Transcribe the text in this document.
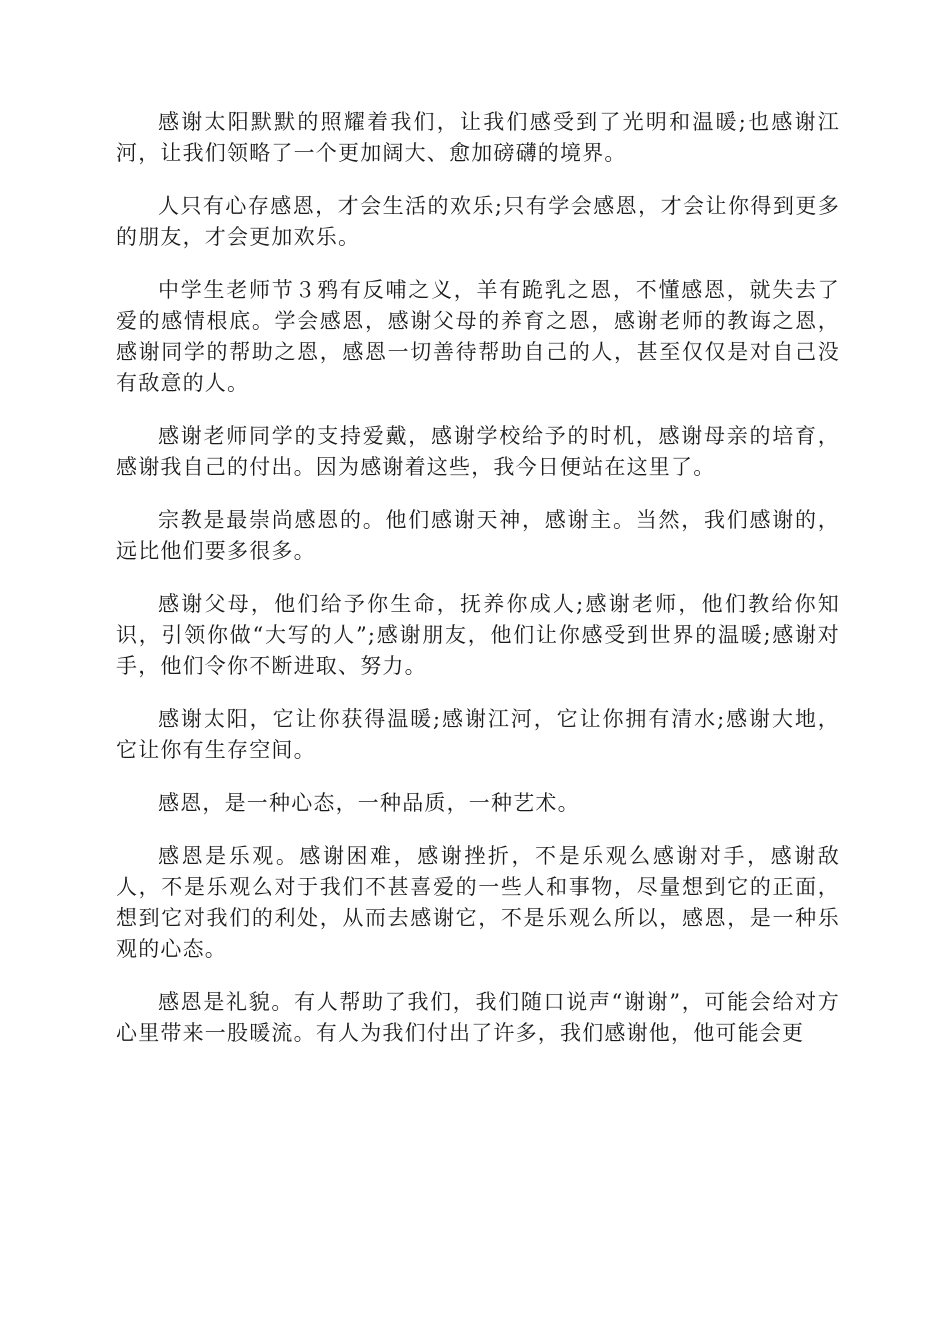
感谢太阳默默的照耀着我们，让我们感受到了光明和温暖;也感谢江河，让我们领略了一个更加阔大、愈加磅礴的境界。

人只有心存感恩，才会生活的欢乐;只有学会感恩，才会让你得到更多的朋友，才会更加欢乐。

中学生老师节３鸦有反哺之义，羊有跪乳之恩，不懂感恩，就失去了爱的感情根底。学会感恩，感谢父母的养育之恩，感谢老师的教诲之恩，感谢同学的帮助之恩，感恩一切善待帮助自己的人，甚至仅仅是对自己没有敌意的人。

感谢老师同学的支持爱戴，感谢学校给予的时机，感谢母亲的培育，感谢我自己的付出。因为感谢着这些，我今日便站在这里了。

宗教是最崇尚感恩的。他们感谢天神，感谢主。当然，我们感谢的，远比他们要多很多。

感谢父母，他们给予你生命，抚养你成人;感谢老师，他们教给你知识，引领你做“大写的人”;感谢朋友，他们让你感受到世界的温暖;感谢对手，他们令你不断进取、努力。

感谢太阳，它让你获得温暖;感谢江河，它让你拥有清水;感谢大地，它让你有生存空间。

感恩，是一种心态，一种品质，一种艺术。

感恩是乐观。感谢困难，感谢挫折，不是乐观么感谢对手，感谢敌人，不是乐观么对于我们不甚喜爱的一些人和事物，尽量想到它的正面，想到它对我们的利处，从而去感谢它，不是乐观么所以，感恩，是一种乐观的心态。

感恩是礼貌。有人帮助了我们，我们随口说声“谢谢”，可能会给对方心里带来一股暖流。有人为我们付出了许多，我们感谢他，他可能会更
